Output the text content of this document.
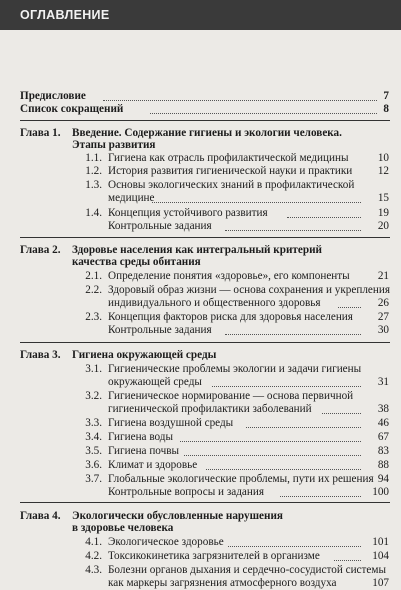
ОГЛАВЛЕНИЕ
Предисловие	7
Список сокращений	8
Глава 1. Введение. Содержание гигиены и экологии человека.
Этапы развития
1.1. Гигиена как отрасль профилактической медицины	10
1.2. История развития гигиенической науки и практики 12
1.3. Основы экологических знаний в профилактической
медицине	15
1.4. Концепция устойчивого развития	19
Контрольные задания	20
Глава 2. Здоровье населения как интегральный критерий
качества среды обитания
2.1. Определение понятия «здоровье», его компоненты	21
2.2. Здоровый образ жизни — основа сохранения и укрепления
индивидуального и общественного здоровья	26
2.3. Концепция факторов риска для здоровья населения 27
Контрольные задания	30
Глава 3. Гигиена окружающей среды
3.1. Гигиенические проблемы экологии и задачи гигиены
окружающей среды	31
3.2. Гигиеническое нормирование — основа первичной
гигиенической профилактики заболеваний	38
3.3. Гигиена воздушной среды	46
3.4. Гигиена воды	67
3.5. Гигиена почвы	83
3.6. Климат и здоровье	88
3.7. Глобальные экологические проблемы, пути их решения 94
Контрольные вопросы и задания	100
Глава 4. Экологически обусловленные нарушения
в здоровье человека
4.1. Экологическое здоровье	101
4.2. Токсикокинетика загрязнителей в организме	104
4.3. Болезни органов дыхания и сердечно-сосудистой системы
как маркеры загрязнения атмосферного воздуха	107
